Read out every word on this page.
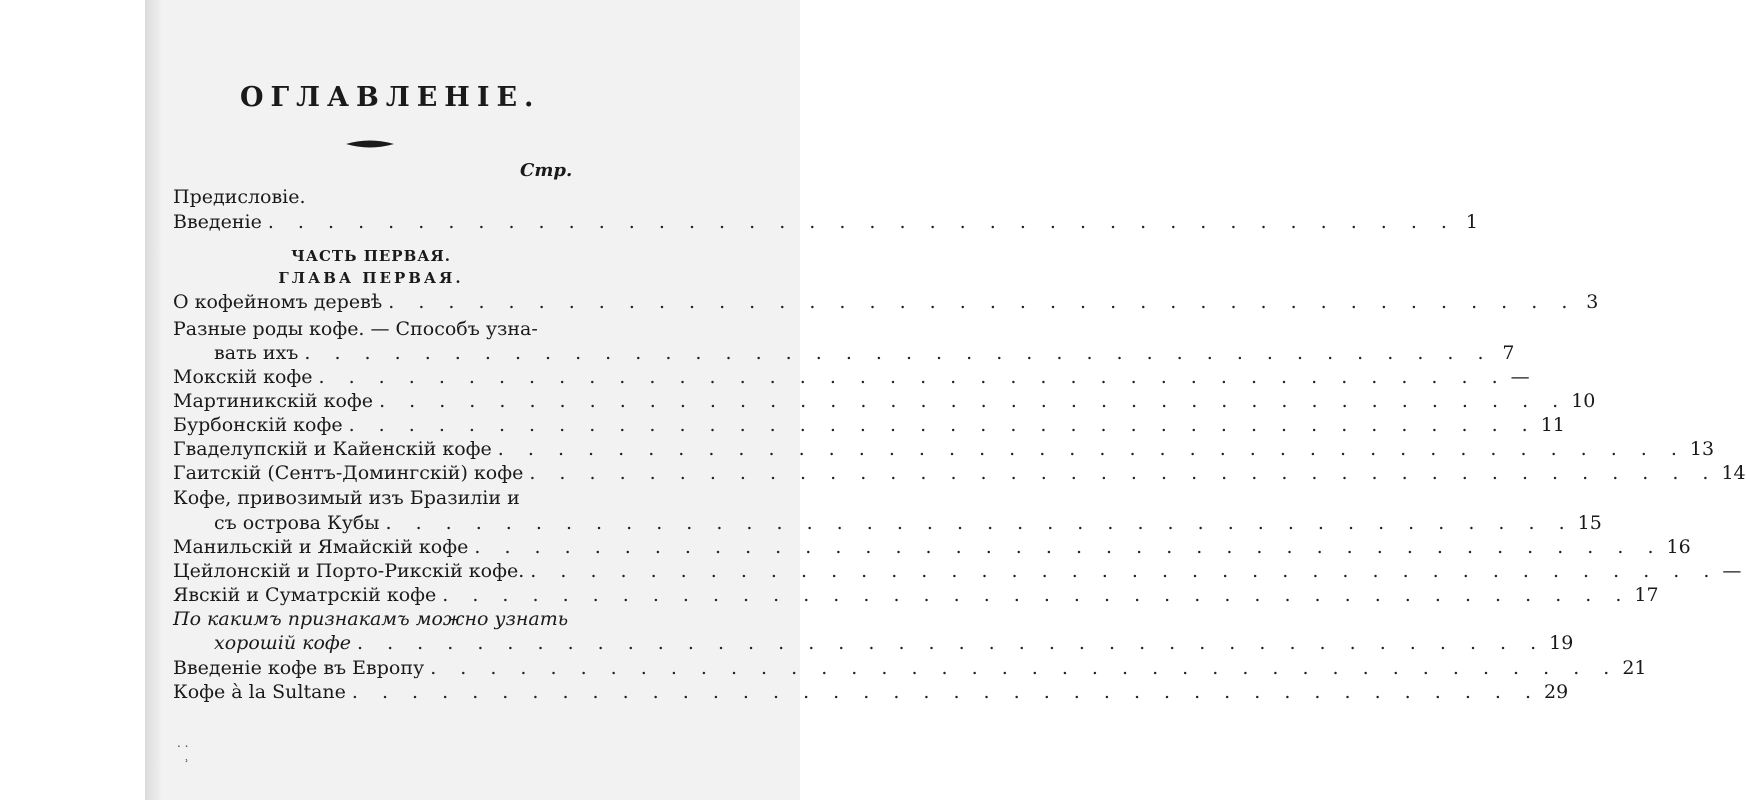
ОГЛАВЛЕНІЕ.
Стр.
Предисловіе.
Введеніе . . . . . . . . . . . . . . . . . . . . . . . . . . . . . . . . . . . . . . . . 1
ЧАСТЬ ПЕРВАЯ.
ГЛАВА ПЕРВАЯ.
О кофейномъ деревѣ . . . . . . . . . . . . . . . . . . . . . . . . . . . . . . . . . . . . . . . . 3
Разные роды кофе. — Способъ узна-
вать ихъ . . . . . . . . . . . . . . . . . . . . . . . . . . . . . . . . . . . . . . . . 7
Мокскій кофе . . . . . . . . . . . . . . . . . . . . . . . . . . . . . . . . . . . . . . . . —
Мартиникскій кофе . . . . . . . . . . . . . . . . . . . . . . . . . . . . . . . . . . . . . . . . 10
Бурбонскій кофе . . . . . . . . . . . . . . . . . . . . . . . . . . . . . . . . . . . . . . . . 11
Гваделупскій и Кайенскій кофе . . . . . . . . . . . . . . . . . . . . . . . . . . . . . . . . . . . . . . . . 13
Гаитскій (Сентъ-Домингскій) кофе . . . . . . . . . . . . . . . . . . . . . . . . . . . . . . . . . . . . . . . . 14
Кофе, привозимый изъ Бразиліи и
съ острова Кубы . . . . . . . . . . . . . . . . . . . . . . . . . . . . . . . . . . . . . . . . 15
Манильскій и Ямайскій кофе . . . . . . . . . . . . . . . . . . . . . . . . . . . . . . . . . . . . . . . . 16
Цейлонскій и Порто-Рикскій кофе. . . . . . . . . . . . . . . . . . . . . . . . . . . . . . . . . . . . . . . . . —
Явскій и Суматрскій кофе . . . . . . . . . . . . . . . . . . . . . . . . . . . . . . . . . . . . . . . . 17
По какимъ признакамъ можно узнать
хорошій кофе . . . . . . . . . . . . . . . . . . . . . . . . . . . . . . . . . . . . . . . . 19
Введеніе кофе въ Европу . . . . . . . . . . . . . . . . . . . . . . . . . . . . . . . . . . . . . . . . 21
Кофе à la Sultane . . . . . . . . . . . . . . . . . . . . . . . . . . . . . . . . . . . . . . . . 29
. .
ʾ
